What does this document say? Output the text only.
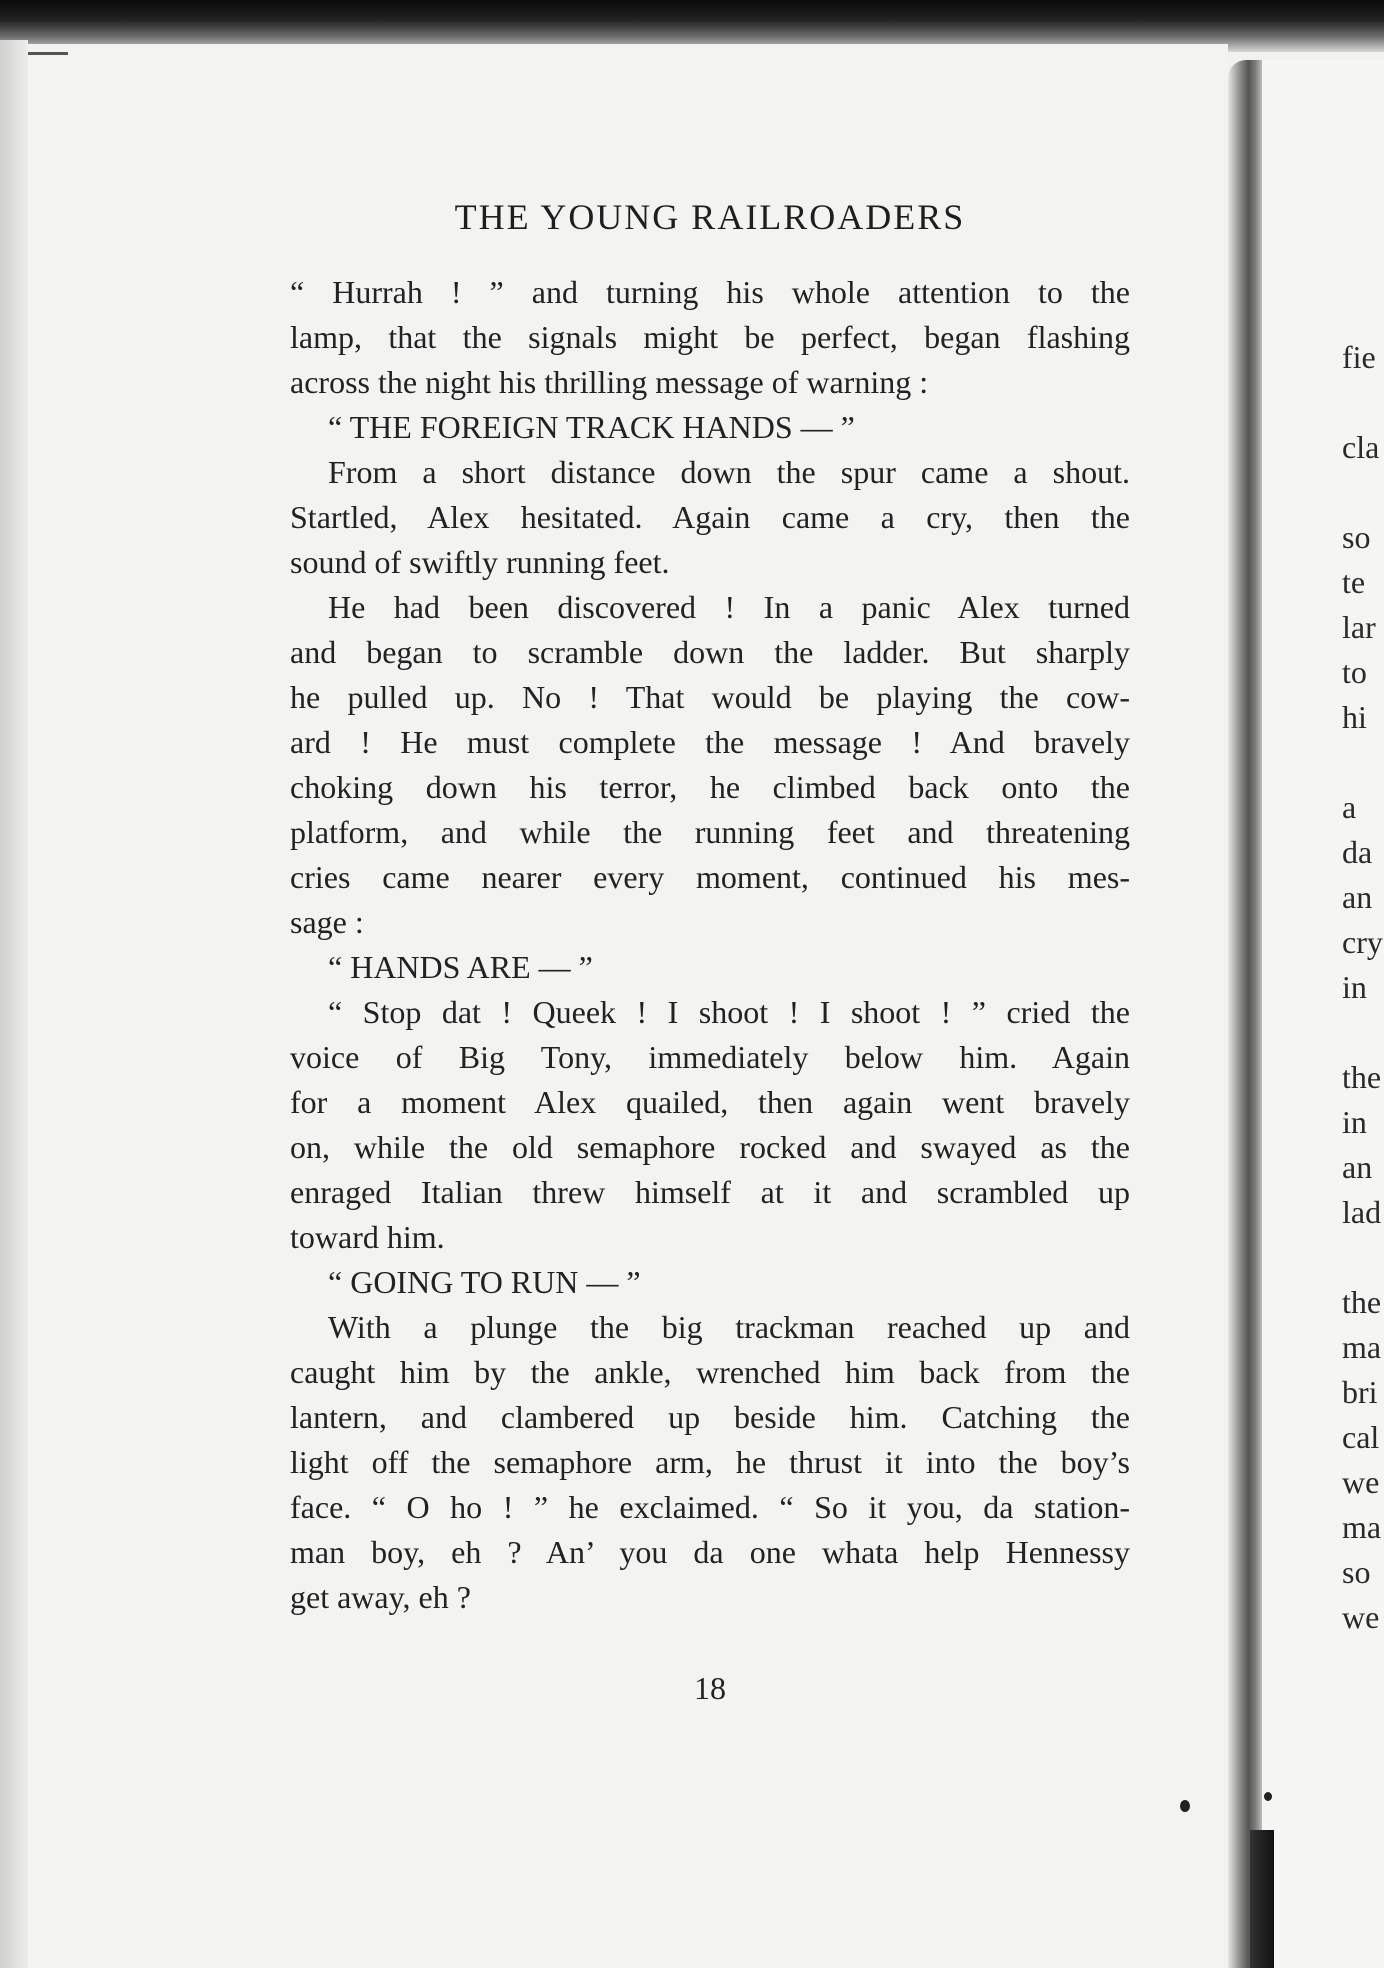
THE YOUNG RAILROADERS
“ Hurrah ! ” and turning his whole attention to the
lamp, that the signals might be perfect, began flashing
across the night his thrilling message of warning :
“ THE FOREIGN TRACK HANDS — ”
From a short distance down the spur came a shout.
Startled, Alex hesitated. Again came a cry, then the
sound of swiftly running feet.
He had been discovered ! In a panic Alex turned
and began to scramble down the ladder. But sharply
he pulled up. No ! That would be playing the cow-
ard ! He must complete the message ! And bravely
choking down his terror, he climbed back onto the
platform, and while the running feet and threatening
cries came nearer every moment, continued his mes-
sage :
“ HANDS ARE — ”
“ Stop dat ! Queek ! I shoot ! I shoot ! ” cried the
voice of Big Tony, immediately below him. Again
for a moment Alex quailed, then again went bravely
on, while the old semaphore rocked and swayed as the
enraged Italian threw himself at it and scrambled up
toward him.
“ GOING TO RUN — ”
With a plunge the big trackman reached up and
caught him by the ankle, wrenched him back from the
lantern, and clambered up beside him. Catching the
light off the semaphore arm, he thrust it into the boy’s
face. “ O ho ! ” he exclaimed. “ So it you, da station-
man boy, eh ? An’ you da one whata help Hennessy
get away, eh ?
18
fie
cla
so
te
lar
to
hi
a
da
an
cry
in
the
in
an
lad
the
ma
bri
cal
we
ma
so
we
